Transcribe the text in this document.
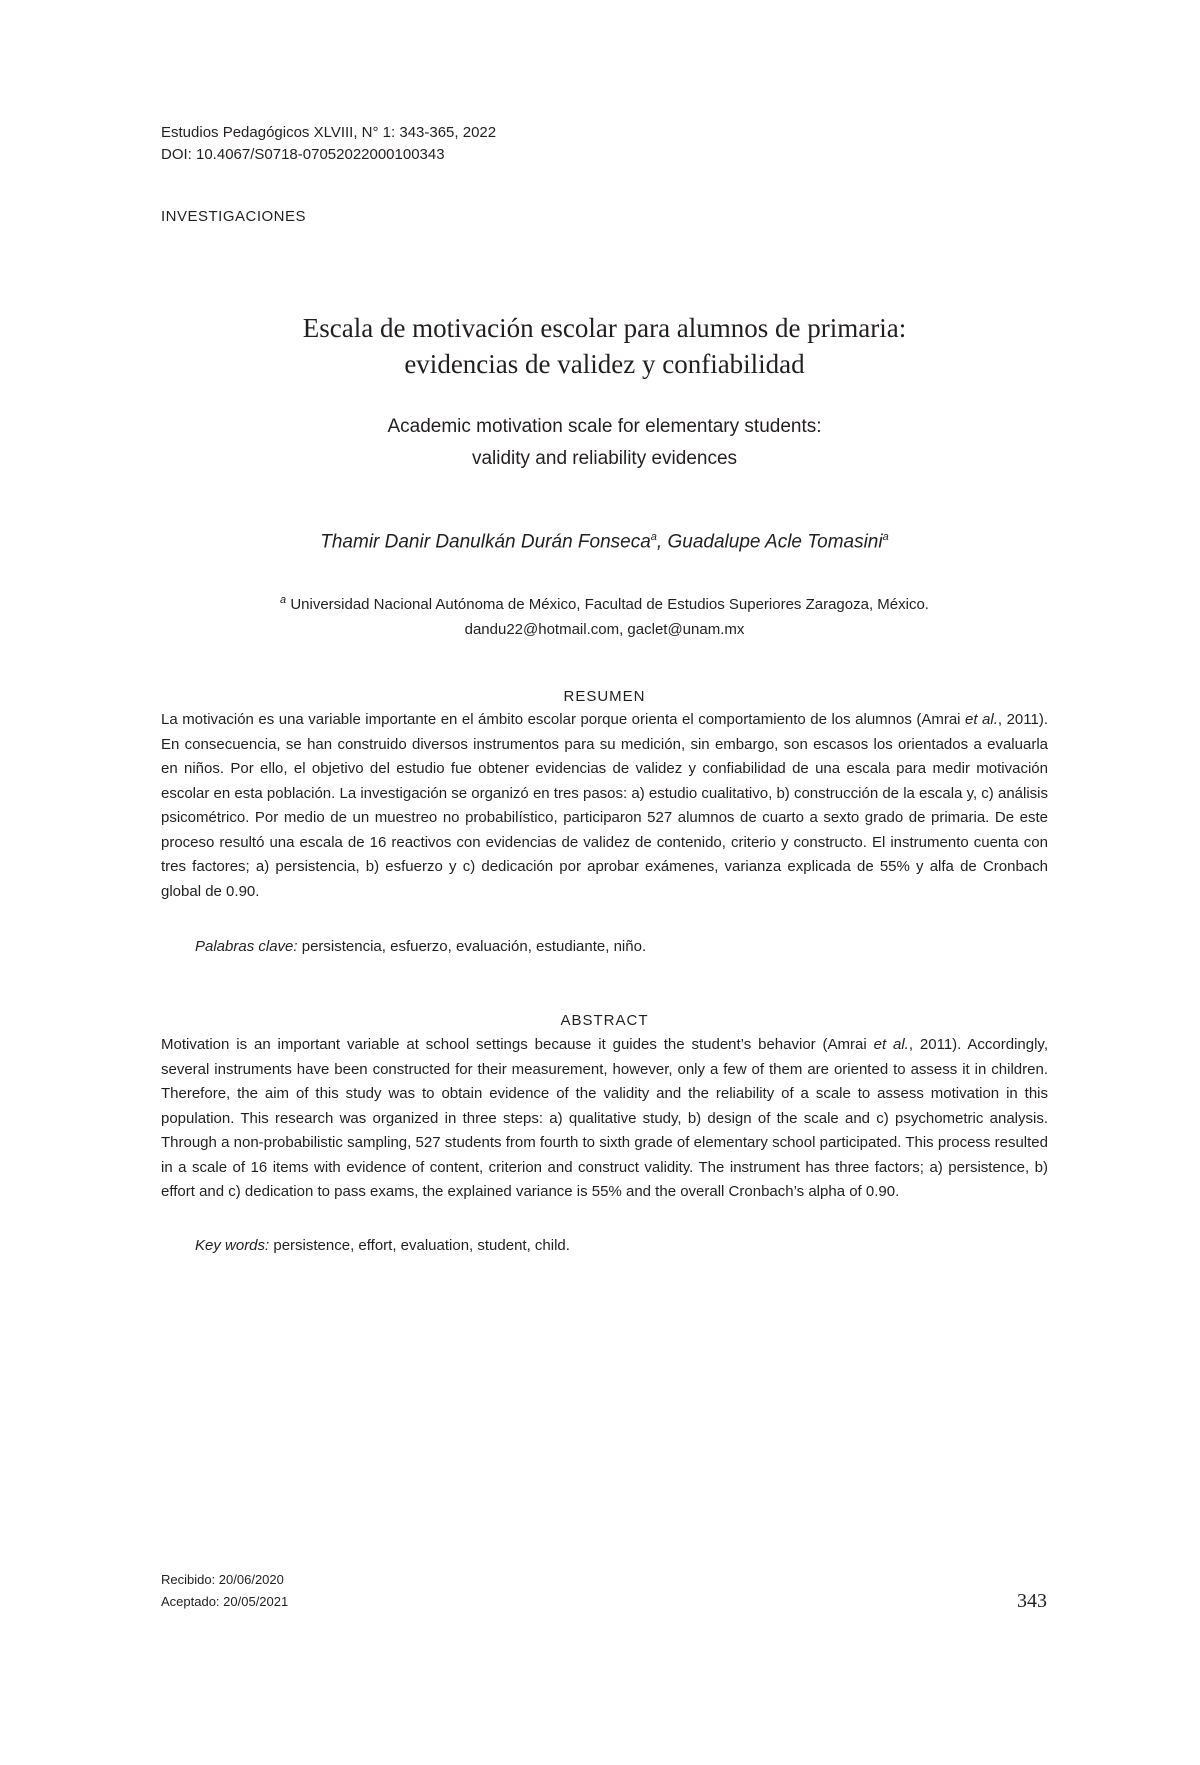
Estudios Pedagógicos XLVIII, N° 1: 343-365, 2022
DOI: 10.4067/S0718-07052022000100343
INVESTIGACIONES
Escala de motivación escolar para alumnos de primaria:
evidencias de validez y confiabilidad
Academic motivation scale for elementary students:
validity and reliability evidences
Thamir Danir Danulkán Durán Fonseca$^a$, Guadalupe Acle Tomasini$^a$
$^a$ Universidad Nacional Autónoma de México, Facultad de Estudios Superiores Zaragoza, México.
dandu22@hotmail.com, gaclet@unam.mx
RESUMEN
La motivación es una variable importante en el ámbito escolar porque orienta el comportamiento de los alumnos (Amrai et al., 2011). En consecuencia, se han construido diversos instrumentos para su medición, sin embargo, son escasos los orientados a evaluarla en niños. Por ello, el objetivo del estudio fue obtener evidencias de validez y confiabilidad de una escala para medir motivación escolar en esta población. La investigación se organizó en tres pasos: a) estudio cualitativo, b) construcción de la escala y, c) análisis psicométrico. Por medio de un muestreo no probabilístico, participaron 527 alumnos de cuarto a sexto grado de primaria. De este proceso resultó una escala de 16 reactivos con evidencias de validez de contenido, criterio y constructo. El instrumento cuenta con tres factores; a) persistencia, b) esfuerzo y c) dedicación por aprobar exámenes, varianza explicada de 55% y alfa de Cronbach global de 0.90.
Palabras clave: persistencia, esfuerzo, evaluación, estudiante, niño.
ABSTRACT
Motivation is an important variable at school settings because it guides the student’s behavior (Amrai et al., 2011). Accordingly, several instruments have been constructed for their measurement, however, only a few of them are oriented to assess it in children. Therefore, the aim of this study was to obtain evidence of the validity and the reliability of a scale to assess motivation in this population. This research was organized in three steps: a) qualitative study, b) design of the scale and c) psychometric analysis. Through a non-probabilistic sampling, 527 students from fourth to sixth grade of elementary school participated. This process resulted in a scale of 16 items with evidence of content, criterion and construct validity. The instrument has three factors; a) persistence, b) effort and c) dedication to pass exams, the explained variance is 55% and the overall Cronbach’s alpha of 0.90.
Key words: persistence, effort, evaluation, student, child.
Recibido: 20/06/2020
Aceptado: 20/05/2021	343
